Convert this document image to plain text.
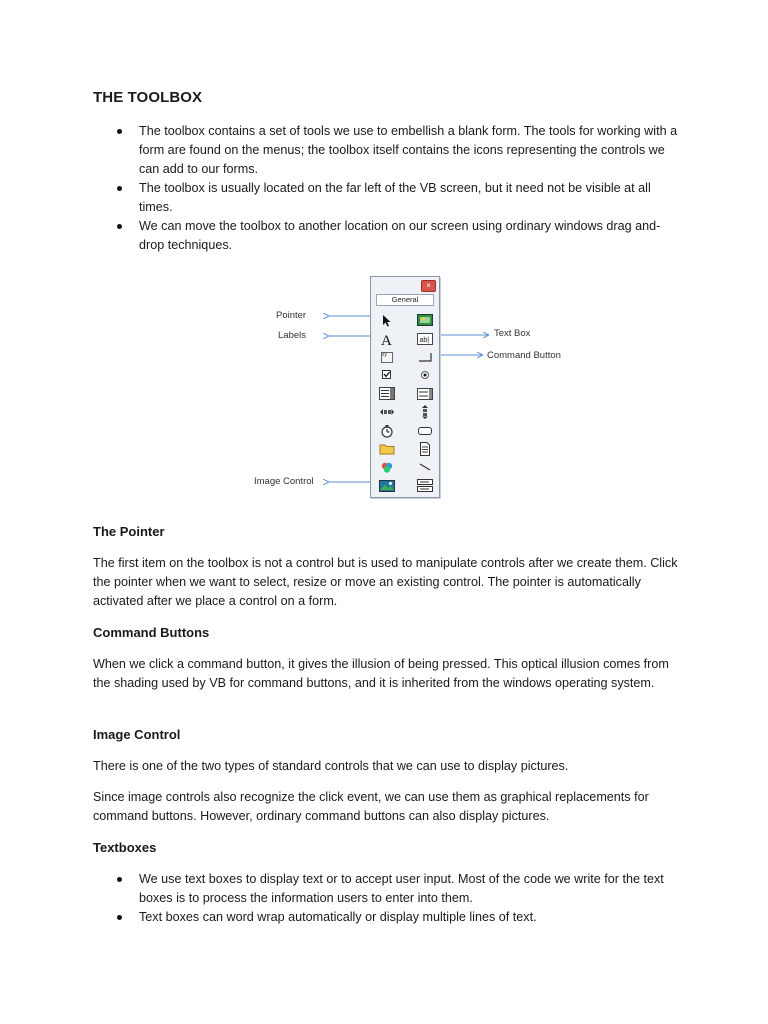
THE TOOLBOX
The toolbox contains a set of tools we use to embellish a blank form. The tools for working with a form are found on the menus; the toolbox itself contains the icons representing the controls we can add to our forms.
The toolbox is usually located on the far left of the VB screen, but it need not be visible at all times.
We can move the toolbox to another location on our screen using ordinary windows drag and-drop techniques.
Pointer
Labels	Text Box
Command Button
Image Control
×
General
A	ab|
xy
The Pointer

The first item on the toolbox is not a control but is used to manipulate controls after we create them. Click the pointer when we want to select, resize or move an existing control. The pointer is automatically activated after we place a control on a form.

Command Buttons

When we click a command button, it gives the illusion of being pressed. This optical illusion comes from the shading used by VB for command buttons, and it is inherited from the windows operating system.

Image Control

There is one of the two types of standard controls that we can use to display pictures.

Since image controls also recognize the click event, we can use them as graphical replacements for command buttons. However, ordinary command buttons can also display pictures.

Textboxes
We use text boxes to display text or to accept user input. Most of the code we write for the text boxes is to process the information users to enter into them.
Text boxes can word wrap automatically or display multiple lines of text.
